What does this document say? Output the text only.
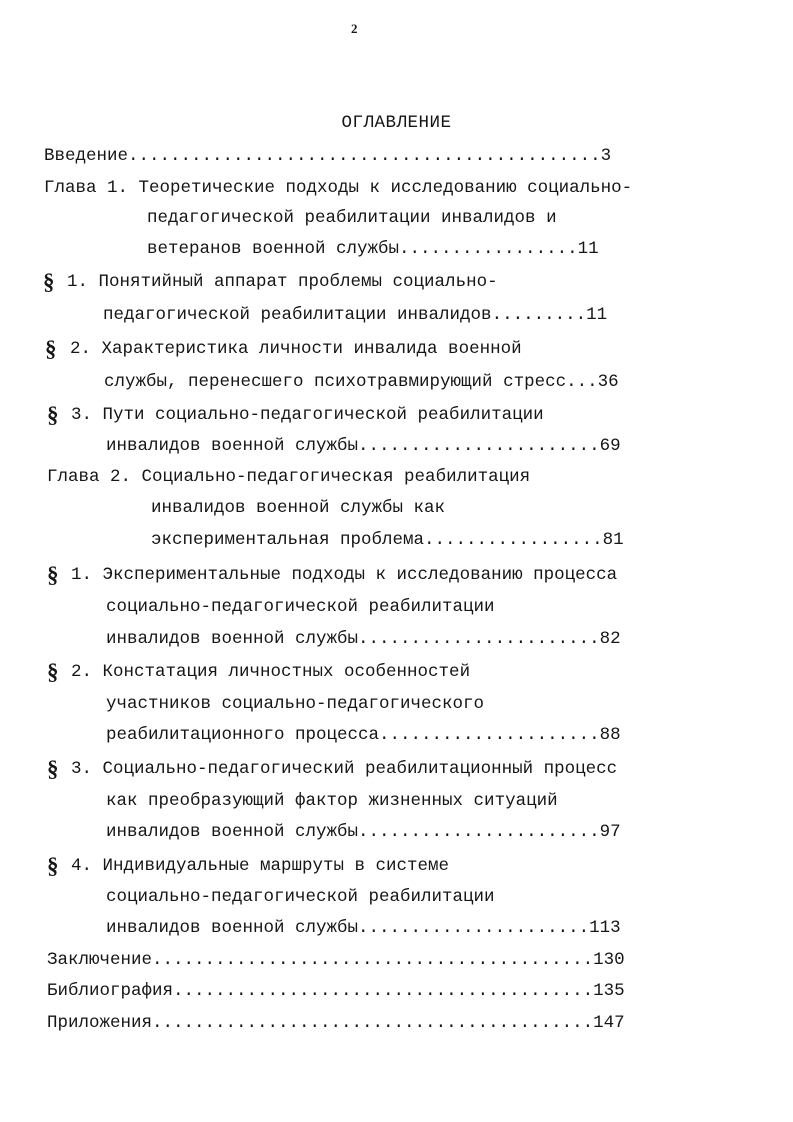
2
ОГЛАВЛЕНИЕ
Введение.............................................3
Глава 1. Теоретические подходы к исследованию социально-
педагогической реабилитации инвалидов и
ветеранов военной службы.................11
§ 1. Понятийный аппарат проблемы социально-
педагогической реабилитации инвалидов.........11
§ 2. Характеристика личности инвалида военной
службы, перенесшего психотравмирующий стресс...36
§ 3. Пути социально-педагогической реабилитации
инвалидов военной службы.......................69
Глава 2. Социально-педагогическая реабилитация
инвалидов военной службы как
экспериментальная проблема.................81
§ 1. Экспериментальные подходы к исследованию процесса
социально-педагогической реабилитации
инвалидов военной службы.......................82
§ 2. Констатация личностных особенностей
участников социально-педагогического
реабилитационного процесса.....................88
§ 3. Социально-педагогический реабилитационный процесс
как преобразующий фактор жизненных ситуаций
инвалидов военной службы.......................97
§ 4. Индивидуальные маршруты в системе
социально-педагогической реабилитации
инвалидов военной службы......................113
Заключение..........................................130
Библиография........................................135
Приложения..........................................147
